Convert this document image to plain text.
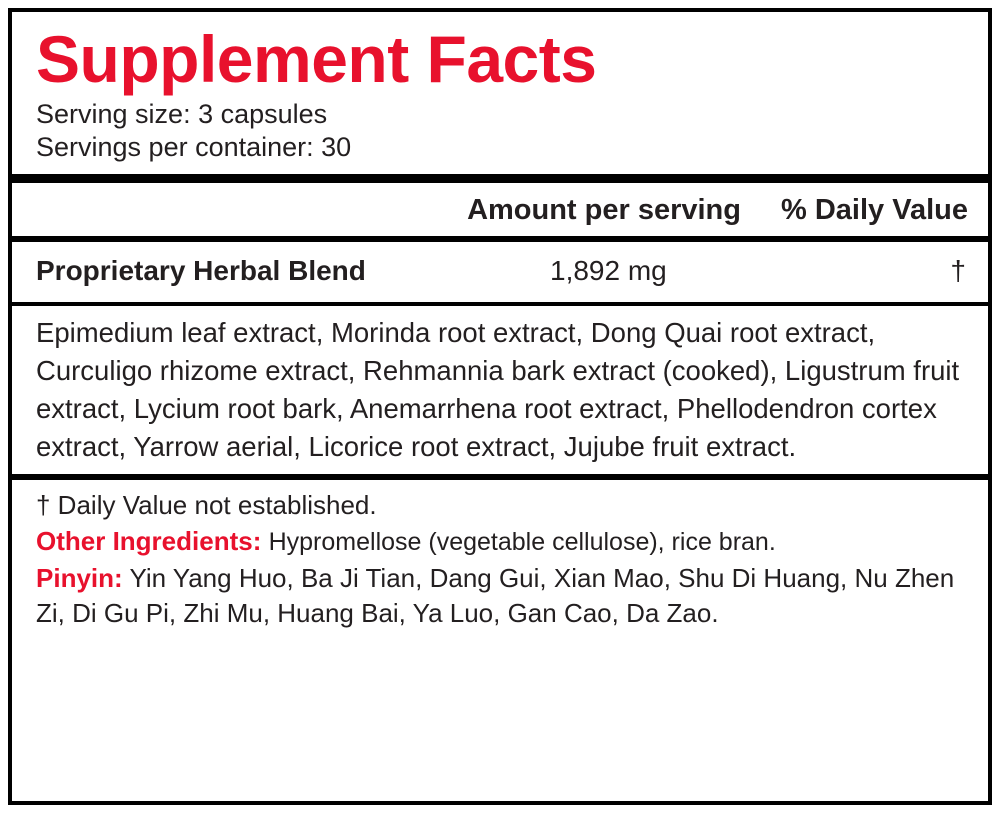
Supplement Facts
Serving size: 3 capsules
Servings per container: 30
Amount per serving % Daily Value
Proprietary Herbal Blend	1,892 mg	†
Epimedium leaf extract, Morinda root extract, Dong Quai root extract, Curculigo rhizome extract, Rehmannia bark extract (cooked), Ligustrum fruit extract, Lycium root bark, Anemarrhena root extract, Phellodendron cortex extract, Yarrow aerial, Licorice root extract, Jujube fruit extract.

† Daily Value not established.

Other Ingredients: Hypromellose (vegetable cellulose), rice bran.

Pinyin: Yin Yang Huo, Ba Ji Tian, Dang Gui, Xian Mao, Shu Di Huang, Nu Zhen Zi, Di Gu Pi, Zhi Mu, Huang Bai, Ya Luo, Gan Cao, Da Zao.
